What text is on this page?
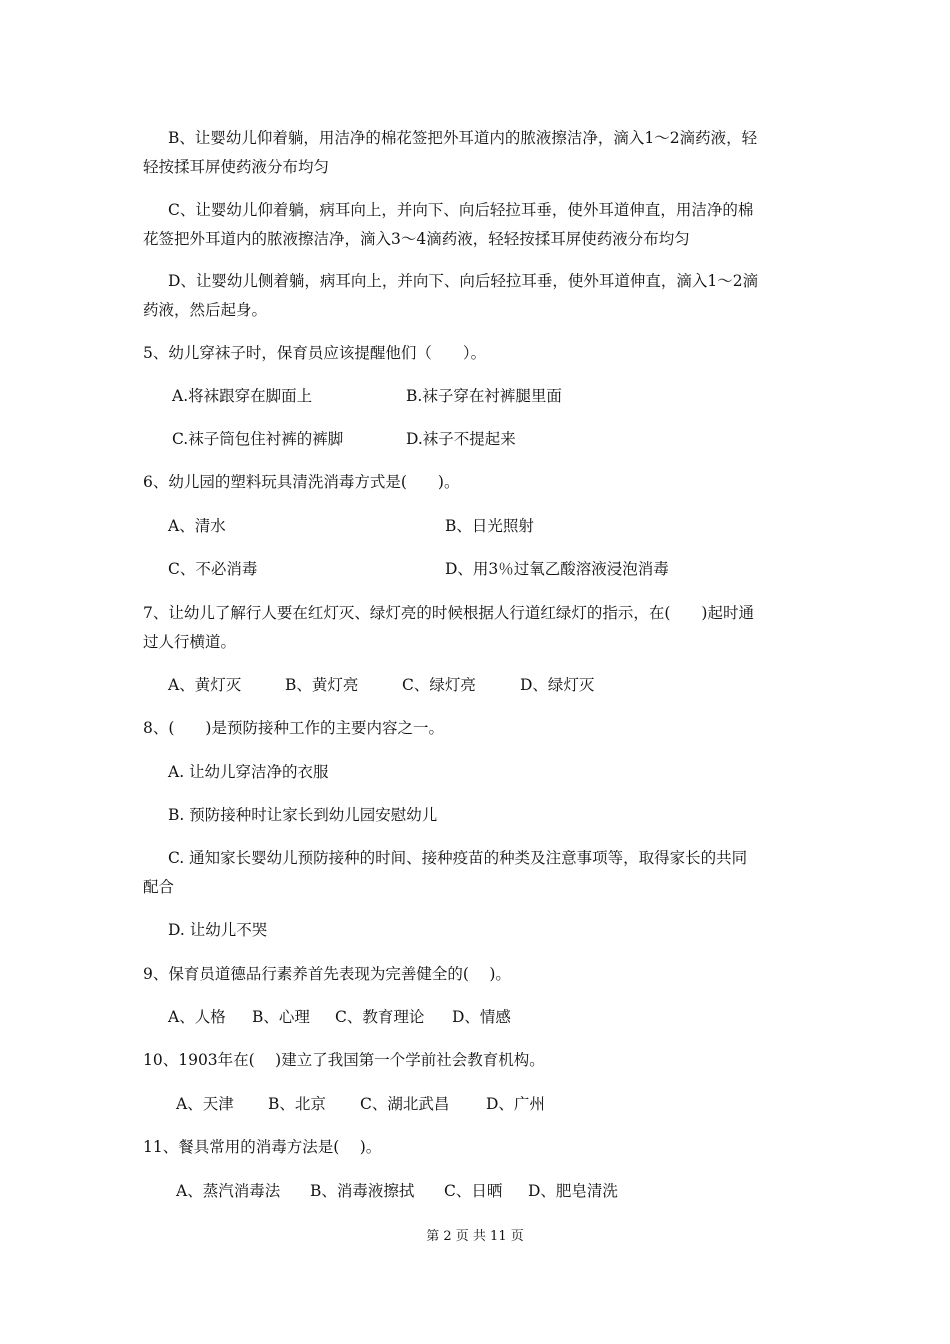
B、让婴幼儿仰着躺，用洁净的棉花签把外耳道内的脓液擦洁净，滴入1～2滴药液，轻
轻按揉耳屏使药液分布均匀
C、让婴幼儿仰着躺，病耳向上，并向下、向后轻拉耳垂，使外耳道伸直，用洁净的棉
花签把外耳道内的脓液擦洁净，滴入3～4滴药液，轻轻按揉耳屏使药液分布均匀
D、让婴幼儿侧着躺，病耳向上，并向下、向后轻拉耳垂，使外耳道伸直，滴入1～2滴
药液，然后起身。
5、幼儿穿袜子时，保育员应该提醒他们（　　）。
A.将袜跟穿在脚面上	B.袜子穿在衬裤腿里面
C.袜子筒包住衬裤的裤脚	D.袜子不提起来
6、幼儿园的塑料玩具清洗消毒方式是(　　)。
A、清水	B、日光照射
C、不必消毒	D、用3％过氧乙酸溶液浸泡消毒
7、让幼儿了解行人要在红灯灭、绿灯亮的时候根据人行道红绿灯的指示，在(　　)起时通
过人行横道。
A、黄灯灭	B、黄灯亮	C、绿灯亮	D、绿灯灭
8、(　　)是预防接种工作的主要内容之一。
A. 让幼儿穿洁净的衣服
B. 预防接种时让家长到幼儿园安慰幼儿
C. 通知家长婴幼儿预防接种的时间、接种疫苗的种类及注意事项等，取得家长的共同
配合
D. 让幼儿不哭
9、保育员道德品行素养首先表现为完善健全的(　 )。
A、人格 B、心理 C、教育理论 D、情感
10、1903年在(　 )建立了我国第一个学前社会教育机构。
A、天津 B、北京 C、湖北武昌 D、广州
11、餐具常用的消毒方法是(　 )。
A、蒸汽消毒法 B、消毒液擦拭 C、日晒 D、肥皂清洗
第 2 页 共 11 页
